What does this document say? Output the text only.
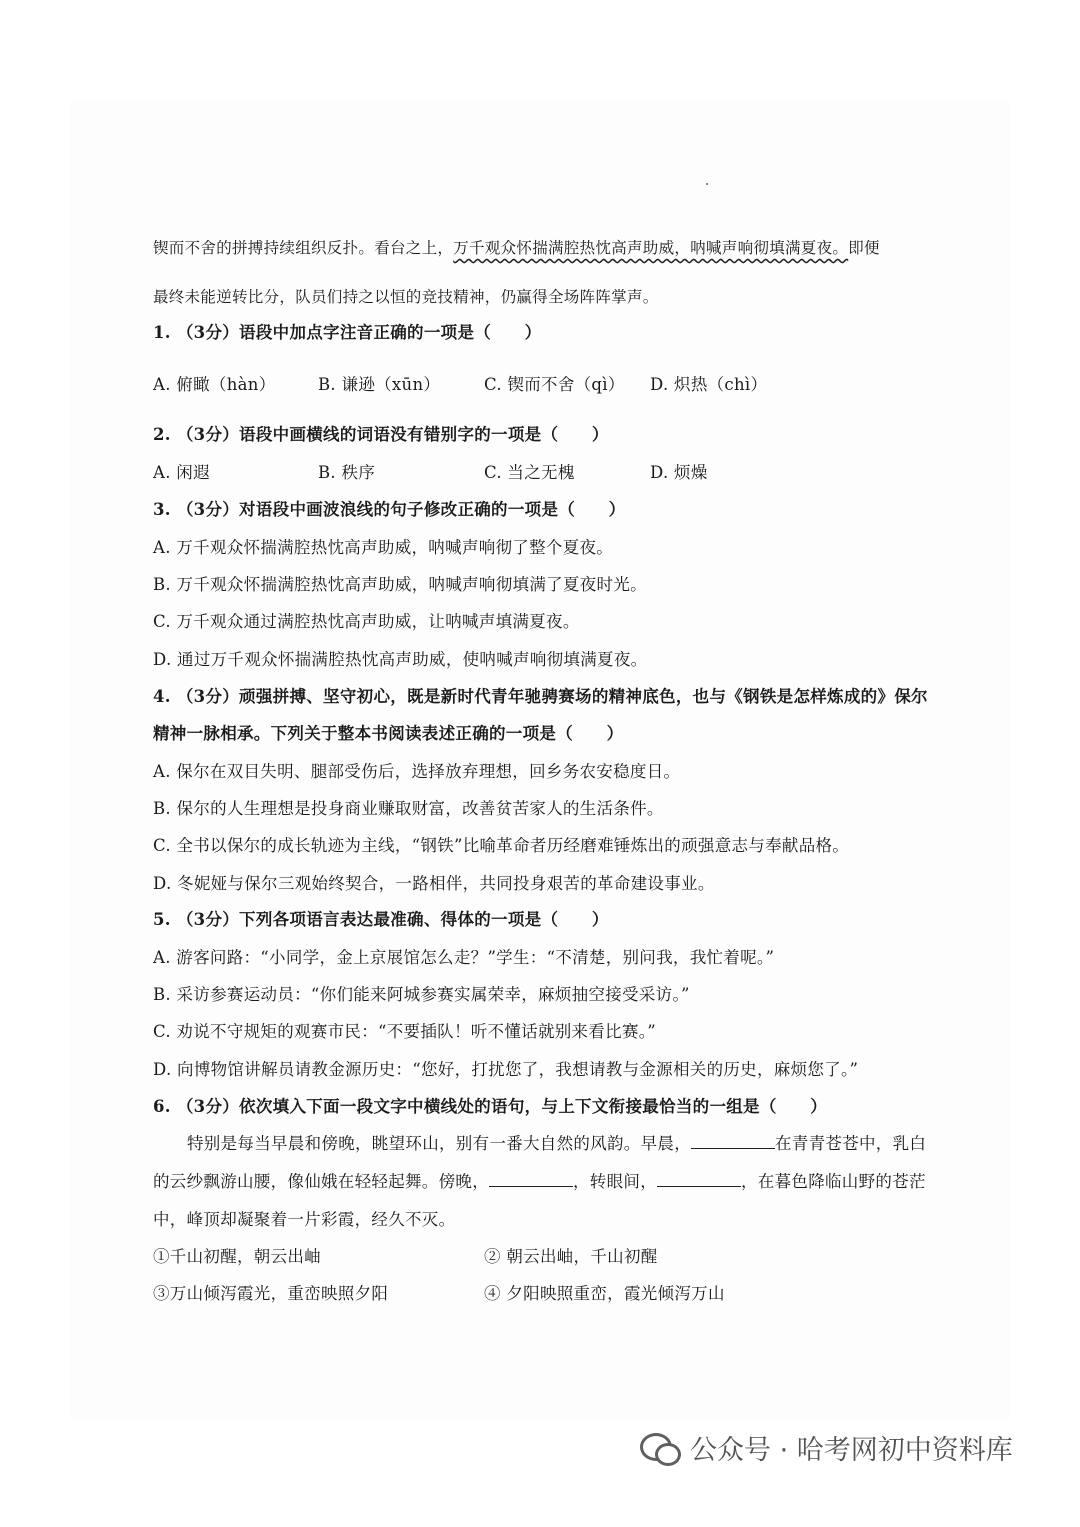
锲而不舍的拼搏持续组织反扑。看台之上，万千观众怀揣满腔热忱高声助威，呐喊声响彻填满夏夜。即便
最终未能逆转比分，队员们持之以恒的竞技精神，仍赢得全场阵阵掌声。
1. （3分）语段中加点字注音正确的一项是（　　）
A. 俯瞰（hàn）	B. 谦逊（xūn）	C. 锲而不舍（qì） D. 炽热（chì）
2. （3分）语段中画横线的词语没有错别字的一项是（　　）
A. 闲遐	B. 秩序	C. 当之无槐	D. 烦燥
3. （3分）对语段中画波浪线的句子修改正确的一项是（　　）
A. 万千观众怀揣满腔热忱高声助威，呐喊声响彻了整个夏夜。
B. 万千观众怀揣满腔热忱高声助威，呐喊声响彻填满了夏夜时光。
C. 万千观众通过满腔热忱高声助威，让呐喊声填满夏夜。
D. 通过万千观众怀揣满腔热忱高声助威，使呐喊声响彻填满夏夜。
4. （3分）顽强拼搏、坚守初心，既是新时代青年驰骋赛场的精神底色，也与《钢铁是怎样炼成的》保尔
精神一脉相承。下列关于整本书阅读表述正确的一项是（　　）
A. 保尔在双目失明、腿部受伤后，选择放弃理想，回乡务农安稳度日。
B. 保尔的人生理想是投身商业赚取财富，改善贫苦家人的生活条件。
C. 全书以保尔的成长轨迹为主线，“钢铁”比喻革命者历经磨难锤炼出的顽强意志与奉献品格。
D. 冬妮娅与保尔三观始终契合，一路相伴，共同投身艰苦的革命建设事业。
5. （3分）下列各项语言表达最准确、得体的一项是（　　）
A. 游客问路：“小同学，金上京展馆怎么走？”学生：“不清楚，别问我，我忙着呢。”
B. 采访参赛运动员：“你们能来阿城参赛实属荣幸，麻烦抽空接受采访。”
C. 劝说不守规矩的观赛市民：“不要插队！听不懂话就别来看比赛。”
D. 向博物馆讲解员请教金源历史：“您好，打扰您了，我想请教与金源相关的历史，麻烦您了。”
6. （3分）依次填入下面一段文字中横线处的语句，与上下文衔接最恰当的一组是（　　）
特别是每当早晨和傍晚，眺望环山，别有一番大自然的风韵。早晨，	在青青苍苍中，乳白
的云纱飘游山腰，像仙娥在轻轻起舞。傍晚，	，转眼间，	，在暮色降临山野的苍茫
中，峰顶却凝聚着一片彩霞，经久不灭。
①千山初醒，朝云出岫	② 朝云出岫，千山初醒
③万山倾泻霞光，重峦映照夕阳	④ 夕阳映照重峦，霞光倾泻万山
公众号 · 哈考网初中资料库
